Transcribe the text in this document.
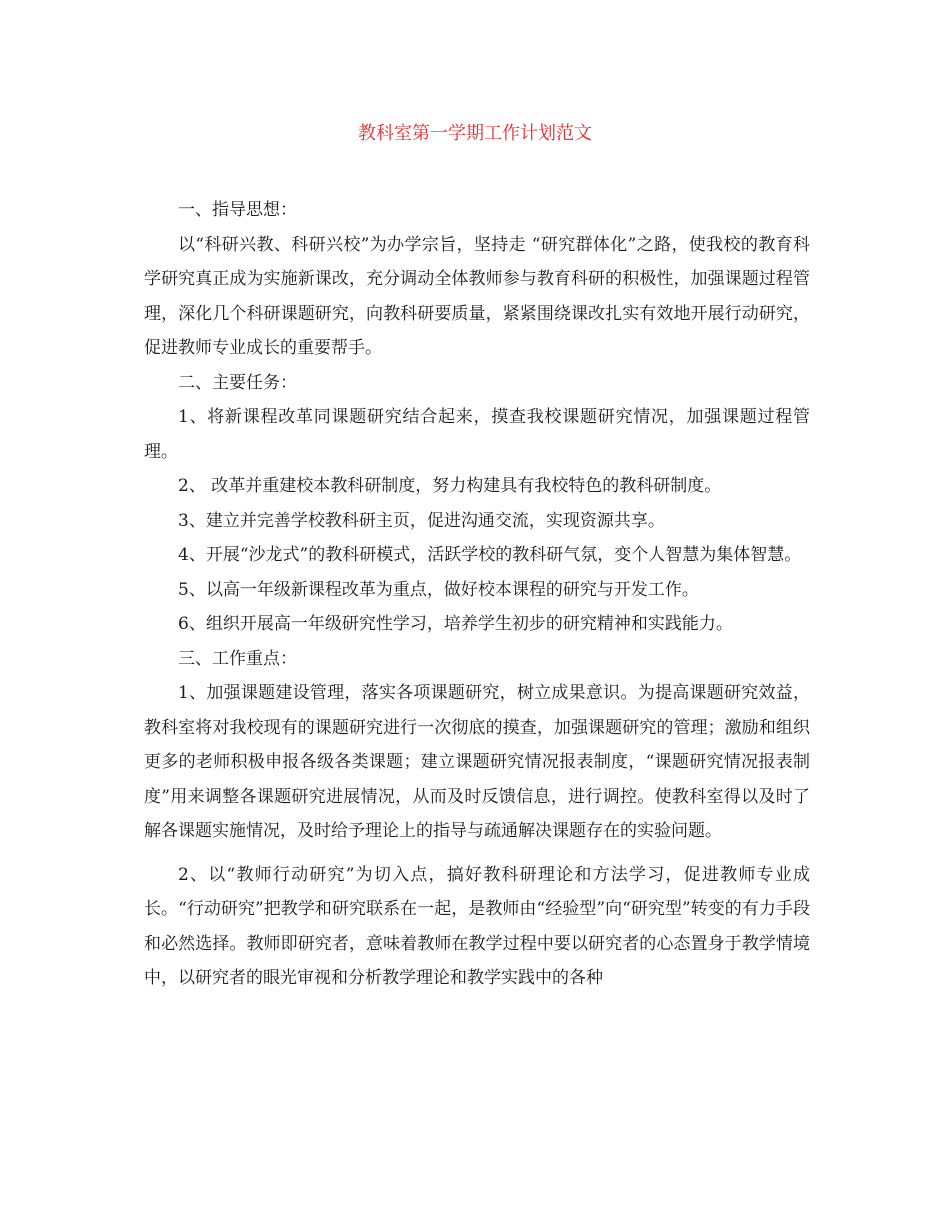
教科室第一学期工作计划范文

一、指导思想：

以“科研兴教、科研兴校”为办学宗旨，坚持走 “研究群体化”之路，使我校的教育科学研究真正成为实施新课改，充分调动全体教师参与教育科研的积极性，加强课题过程管理，深化几个科研课题研究，向教科研要质量，紧紧围绕课改扎实有效地开展行动研究，促进教师专业成长的重要帮手。

二、主要任务：

1、将新课程改革同课题研究结合起来，摸查我校课题研究情况，加强课题过程管理。

2、 改革并重建校本教科研制度，努力构建具有我校特色的教科研制度。

3、建立并完善学校教科研主页，促进沟通交流，实现资源共享。

4、开展“沙龙式”的教科研模式，活跃学校的教科研气氛，变个人智慧为集体智慧。

5、以高一年级新课程改革为重点，做好校本课程的研究与开发工作。

6、组织开展高一年级研究性学习，培养学生初步的研究精神和实践能力。

三、工作重点：

1、加强课题建设管理，落实各项课题研究，树立成果意识。为提高课题研究效益，教科室将对我校现有的课题研究进行一次彻底的摸查，加强课题研究的管理；激励和组织更多的老师积极申报各级各类课题；建立课题研究情况报表制度，“课题研究情况报表制度”用来调整各课题研究进展情况，从而及时反馈信息，进行调控。使教科室得以及时了解各课题实施情况，及时给予理论上的指导与疏通解决课题存在的实验问题。

2、以“教师行动研究”为切入点，搞好教科研理论和方法学习，促进教师专业成长。“行动研究”把教学和研究联系在一起，是教师由“经验型”向“研究型”转变的有力手段和必然选择。教师即研究者，意味着教师在教学过程中要以研究者的心态置身于教学情境中，以研究者的眼光审视和分析教学理论和教学实践中的各种
